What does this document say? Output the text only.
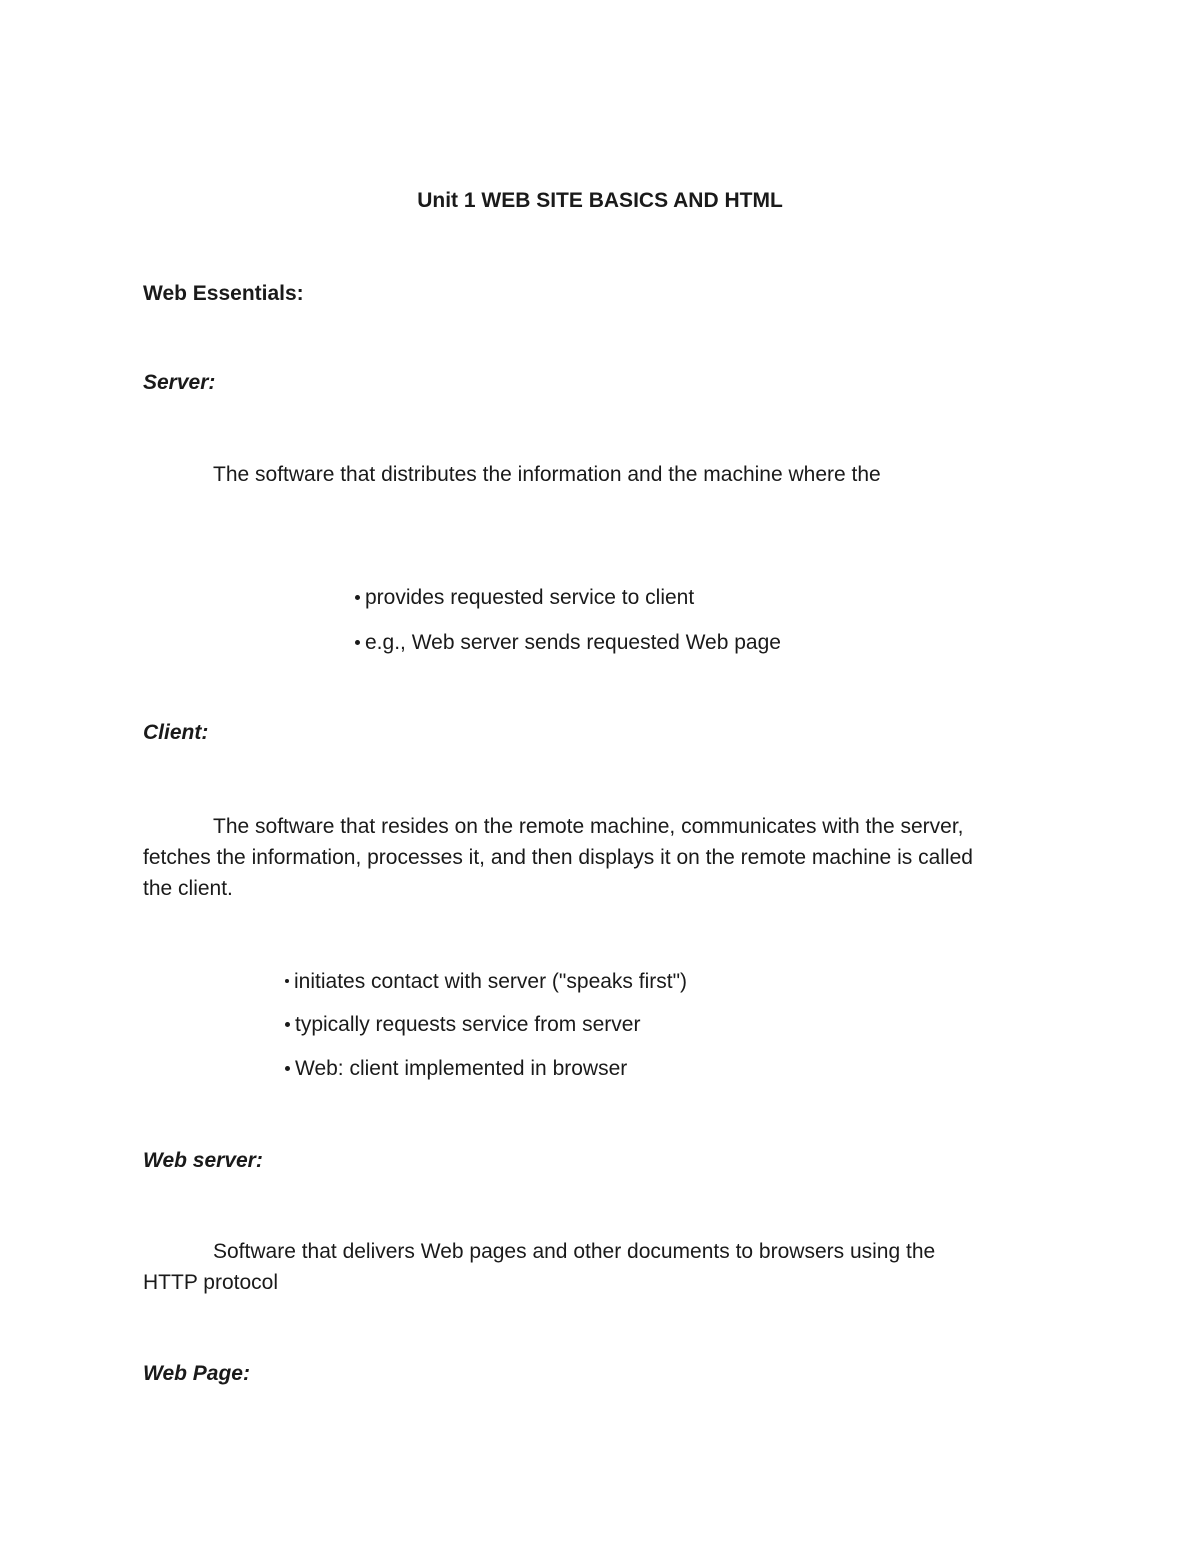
Unit 1 WEB SITE BASICS AND HTML
Web Essentials:
Server:
The software that distributes the information and the machine where the
provides requested service to client
e.g., Web server sends requested Web page
Client:
The software that resides on the remote machine, communicates with the server,
fetches the information, processes it, and then displays it on the remote machine is called
the client.
initiates contact with server ("speaks first")
typically requests service from server
Web: client implemented in browser
Web server:
Software that delivers Web pages and other documents to browsers using the
HTTP protocol
Web Page:
